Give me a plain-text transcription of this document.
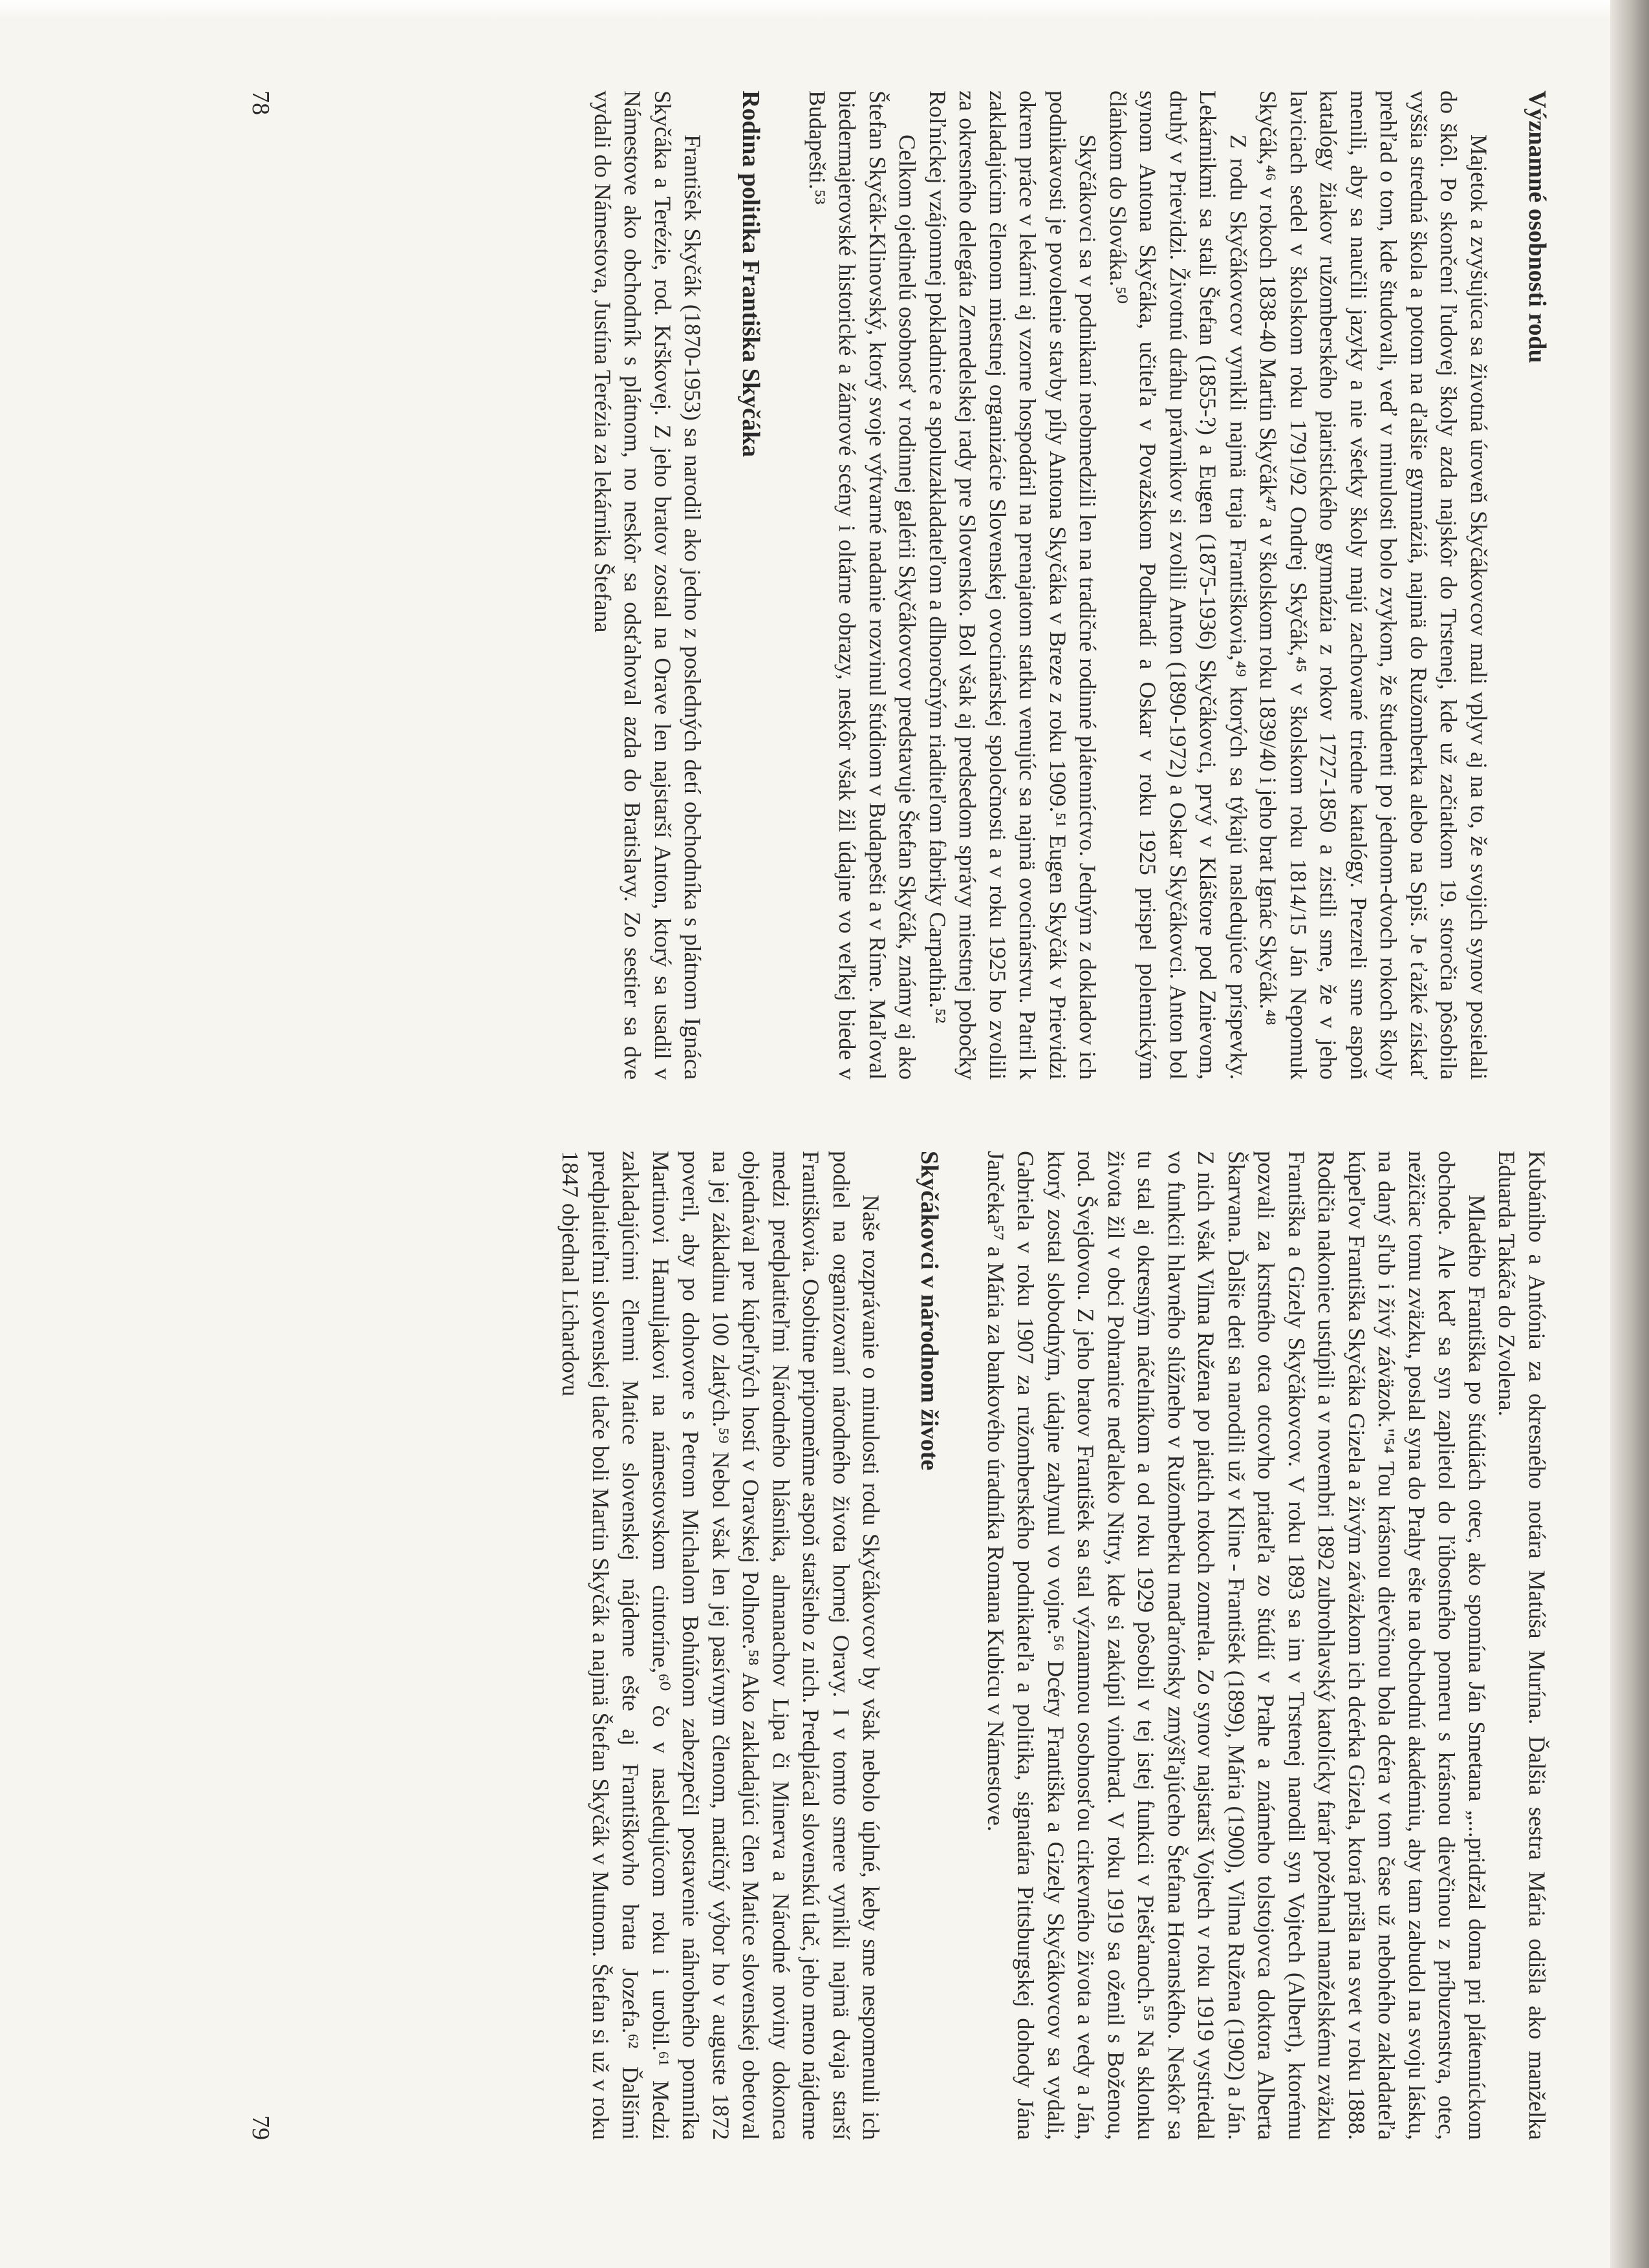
Významné osobnosti rodu

Majetok a zvyšujúca sa životná úroveň Skyčákovcov mali vplyv aj na to, že svojich synov posielali do škôl. Po skončení ľudovej školy azda najskôr do Trstenej, kde už začiatkom 19. storočia pôsobila vyššia stredná škola a potom na ďalšie gymnáziá, najmä do Ružomberka alebo na Spiš. Je ťažké získať prehľad o tom, kde študovali, veď v minulosti bolo zvykom, že študenti po jednom-dvoch rokoch školy menili, aby sa naučili jazyky a nie všetky školy majú zachované triedne katalógy. Prezreli sme aspoň katalógy žiakov ružomberského piaristického gymnázia z rokov 1727-1850 a zistili sme, že v jeho laviciach sedel v školskom roku 1791/92 Ondrej Skyčák,⁴⁵ v školskom roku 1814/15 Ján Nepomuk Skyčák,⁴⁶ v rokoch 1838-40 Martin Skyčák⁴⁷ a v školskom roku 1839/40 i jeho brat Ignác Skyčák.⁴⁸

Z rodu Skyčákovcov vynikli najmä traja Františkovia,⁴⁹ ktorých sa týkajú nasledujúce príspevky. Lekárnikmi sa stali Štefan (1855-?) a Eugen (1875-1936) Skyčákovci, prvý v Kláštore pod Znievom, druhý v Prievidzi. Životnú dráhu právnikov si zvolili Anton (1890-1972) a Oskar Skyčákovci. Anton bol synom Antona Skyčáka, učiteľa v Považskom Podhradí a Oskar v roku 1925 prispel polemickým článkom do Slováka.⁵⁰

Skyčákovci sa v podnikaní neobmedzili len na tradičné rodinné plátenníctvo. Jedným z dokladov ich podnikavosti je povolenie stavby píly Antona Skyčáka v Breze z roku 1909.⁵¹ Eugen Skyčák v Prievidzi okrem práce v lekárni aj vzorne hospodáril na prenajatom statku venujúc sa najmä ovocinárstvu. Patril k zakladajúcim členom miestnej organizácie Slovenskej ovocinárskej spoločnosti a v roku 1925 ho zvolili za okresného delegáta Zemedelskej rady pre Slovensko. Bol však aj predsedom správy miestnej pobočky Roľníckej vzájomnej pokladnice a spoluzakladateľom a dlhoročným riaditeľom fabriky Carpathia.⁵²

Celkom ojedinelú osobnosť v rodinnej galérii Skyčákovcov predstavuje Štefan Skyčák, známy aj ako Štefan Skyčák-Klinovský, ktorý svoje výtvarné nadanie rozvinul štúdiom v Budapešti a v Ríme. Maľoval biedermajerovské historické a žánrové scény i oltárne obrazy, neskôr však žil údajne vo veľkej biede v Budapešti.⁵³

Rodina politika Františka Skyčáka

František Skyčák (1870-1953) sa narodil ako jedno z posledných detí obchodníka s plátnom Ignáca Skyčáka a Terézie, rod. Krškovej. Z jeho bratov zostal na Orave len najstarší Anton, ktorý sa usadil v Námestove ako obchodník s plátnom, no neskôr sa odsťahoval azda do Bratislavy. Zo sestier sa dve vydali do Námestova, Justína Terézia za lekárnika Štefana

78

Kubániho a Antónia za okresného notára Matúša Murína. Ďalšia sestra Mária odišla ako manželka Eduarda Takáča do Zvolena.

Mladého Františka po štúdiách otec, ako spomína Ján Smetana „...pridržal doma pri plátenníckom obchode. Ale keď sa syn zaplietol do ľúbostného pomeru s krásnou dievčinou z príbuzenstva, otec, nežičiac tomu zväzku, poslal syna do Prahy ešte na obchodnú akadémiu, aby tam zabudol na svoju lásku, na daný sľub i živý záväzok."⁵⁴ Tou krásnou dievčinou bola dcéra v tom čase už nebohého zakladateľa kúpeľov Františka Skyčáka Gizela a živým záväzkom ich dcérka Gizela, ktorá prišla na svet v roku 1888. Rodičia nakoniec ustúpili a v novembri 1892 zubrohlavský katolícky farár požehnal manželskému zväzku Františka a Gizely Skyčákovcov. V roku 1893 sa im v Trstenej narodil syn Vojtech (Albert), ktorému pozvali za krstného otca otcovho priateľa zo štúdií v Prahe a známeho tolstojovca doktora Alberta Škarvana. Ďalšie deti sa narodili už v Kline - František (1899), Mária (1900), Vilma Ruženа (1902) a Ján. Z nich však Vilma Ružena po piatich rokoch zomrela. Zo synov najstarší Vojtech v roku 1919 vystriedal vo funkcii hlavného slúžneho v Ružomberku maďarónsky zmýšľajúceho Štefana Horanského. Neskôr sa tu stal aj okresným náčelníkom a od roku 1929 pôsobil v tej istej funkcii v Piešťanoch.⁵⁵ Na sklonku života žil v obci Pohranice neďaleko Nitry, kde si zakúpil vinohrad. V roku 1919 sa oženil s Boženou, rod. Švejdovou. Z jeho bratov František sa stal významnou osobnosťou cirkevného života a vedy a Ján, ktorý zostal slobodným, údajne zahynul vo vojne.⁵⁶ Dcéry Františka a Gizely Skyčákovcov sa vydali, Gabriela v roku 1907 za ružomberského podnikateľa a politika, signatára Pittsburgskej dohody Jána Jančeka⁵⁷ a Mária za bankového úradníka Romana Kubicu v Námestove.

Skyčákovci v národnom živote

Naše rozprávanie o minulosti rodu Skyčákovcov by však nebolo úplné, keby sme nespomenuli ich podiel na organizovaní národného života hornej Oravy. I v tomto smere vynikli najmä dvaja starší Františkovia. Osobitne pripomeňme aspoň staršieho z nich. Predplácal slovenskú tlač, jeho meno nájdeme medzi predplatiteľmi Národného hlásnika, almanachov Lipa či Minerva a Národné noviny dokonca objednával pre kúpeľných hostí v Oravskej Polhore.⁵⁸ Ako zakladajúci člen Matice slovenskej obetoval na jej základinu 100 zlatých.⁵⁹ Nebol však len jej pasívnym členom, matičný výbor ho v auguste 1872 poveril, aby po dohovore s Petrom Michalom Bohúňom zabezpečil postavenie náhrobného pomníka Martinovi Hamuljakovi na námestovskom cintoríne,⁶⁰ čo v nasledujúcom roku i urobil.⁶¹ Medzi zakladajúcimi členmi Matice slovenskej nájdeme ešte aj Františkovho brata Jozefa.⁶² Ďalšími predplatiteľmi slovenskej tlače boli Martin Skyčák a najmä Štefan Skyčák v Mutnom. Štefan si už v roku 1847 objednal Lichardovu

79
